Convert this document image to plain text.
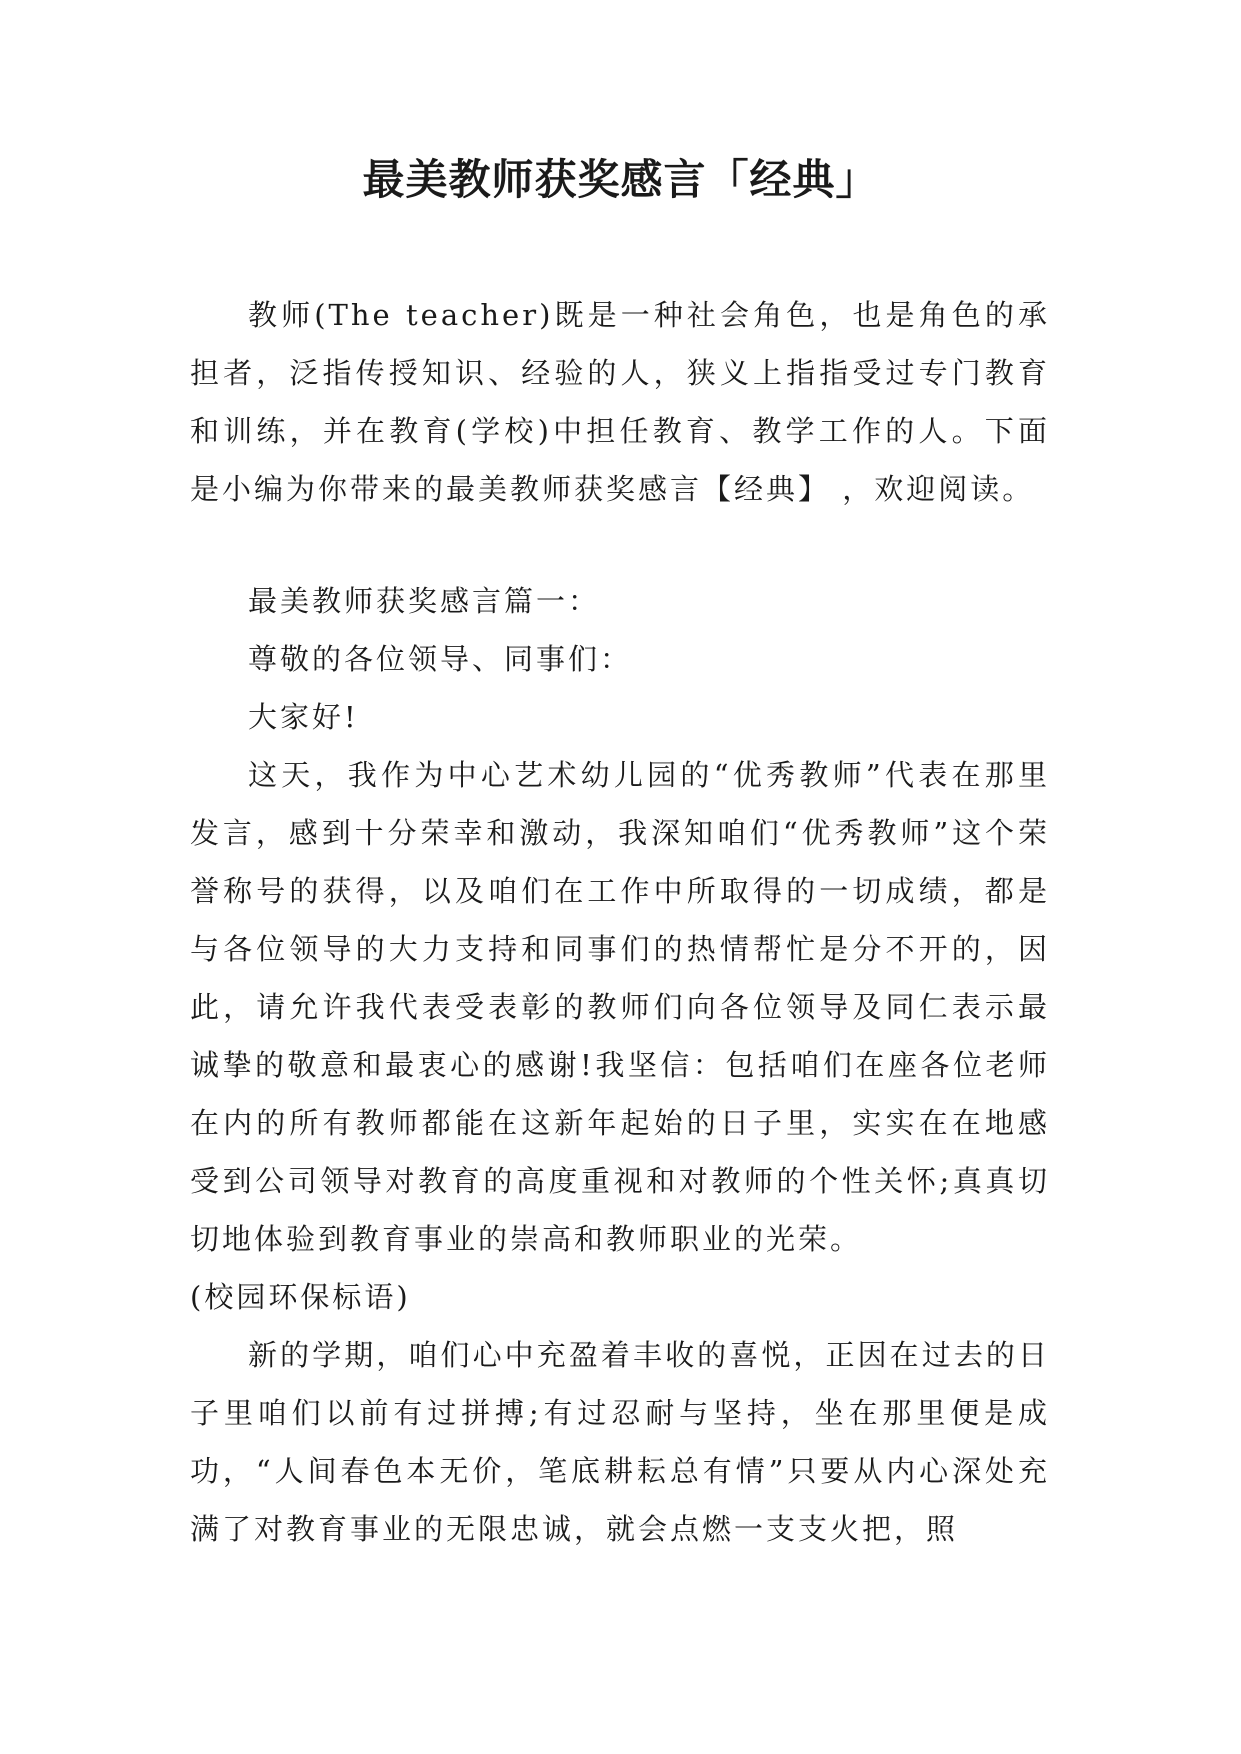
最美教师获奖感言「经典」

教师(The teacher)既是一种社会角色，也是角色的承担者，泛指传授知识、经验的人，狭义上指指受过专门教育和训练，并在教育(学校)中担任教育、教学工作的人。下面是小编为你带来的最美教师获奖感言【经典】 ，欢迎阅读。

最美教师获奖感言篇一：

尊敬的各位领导、同事们：

大家好!

这天，我作为中心艺术幼儿园的“优秀教师”代表在那里发言，感到十分荣幸和激动，我深知咱们“优秀教师”这个荣誉称号的获得，以及咱们在工作中所取得的一切成绩，都是与各位领导的大力支持和同事们的热情帮忙是分不开的，因此，请允许我代表受表彰的教师们向各位领导及同仁表示最诚挚的敬意和最衷心的感谢!我坚信：包括咱们在座各位老师在内的所有教师都能在这新年起始的日子里，实实在在地感受到公司领导对教育的高度重视和对教师的个性关怀;真真切切地体验到教育事业的崇高和教师职业的光荣。

(校园环保标语)

新的学期，咱们心中充盈着丰收的喜悦，正因在过去的日子里咱们以前有过拼搏;有过忍耐与坚持，坐在那里便是成功，“人间春色本无价，笔底耕耘总有情”只要从内心深处充满了对教育事业的无限忠诚，就会点燃一支支火把，照
